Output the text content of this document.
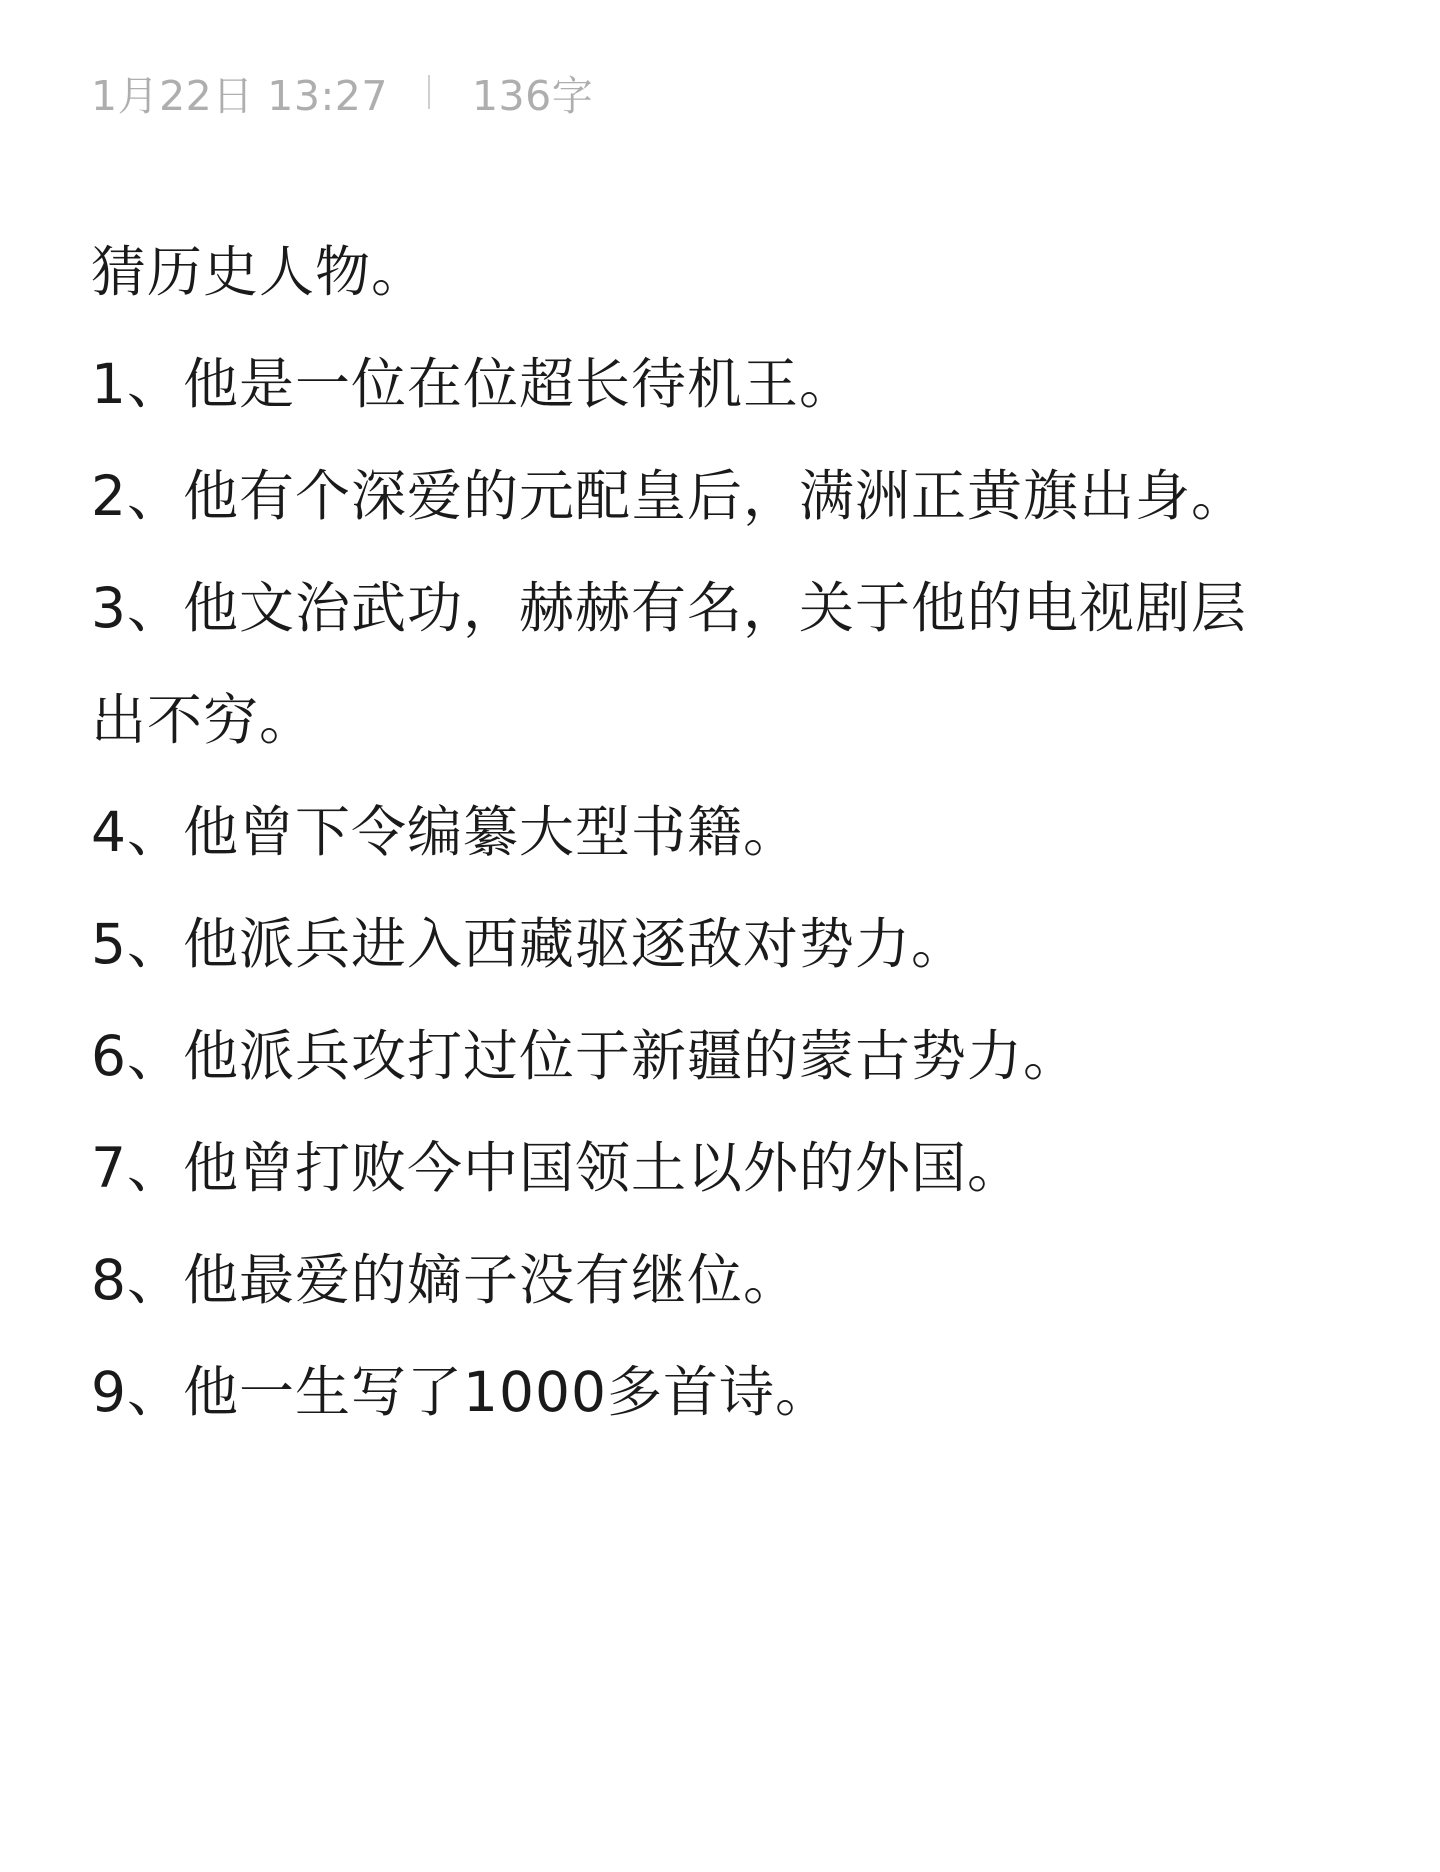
1月22日 13:27 136字
猜历史人物。
1、他是一位在位超长待机王。
2、他有个深爱的元配皇后，满洲正黄旗出身。
3、他文治武功，赫赫有名，关于他的电视剧层
出不穷。
4、他曾下令编纂大型书籍。
5、他派兵进入西藏驱逐敌对势力。
6、他派兵攻打过位于新疆的蒙古势力。
7、他曾打败今中国领土以外的外国。
8、他最爱的嫡子没有继位。
9、他一生写了1000多首诗。
